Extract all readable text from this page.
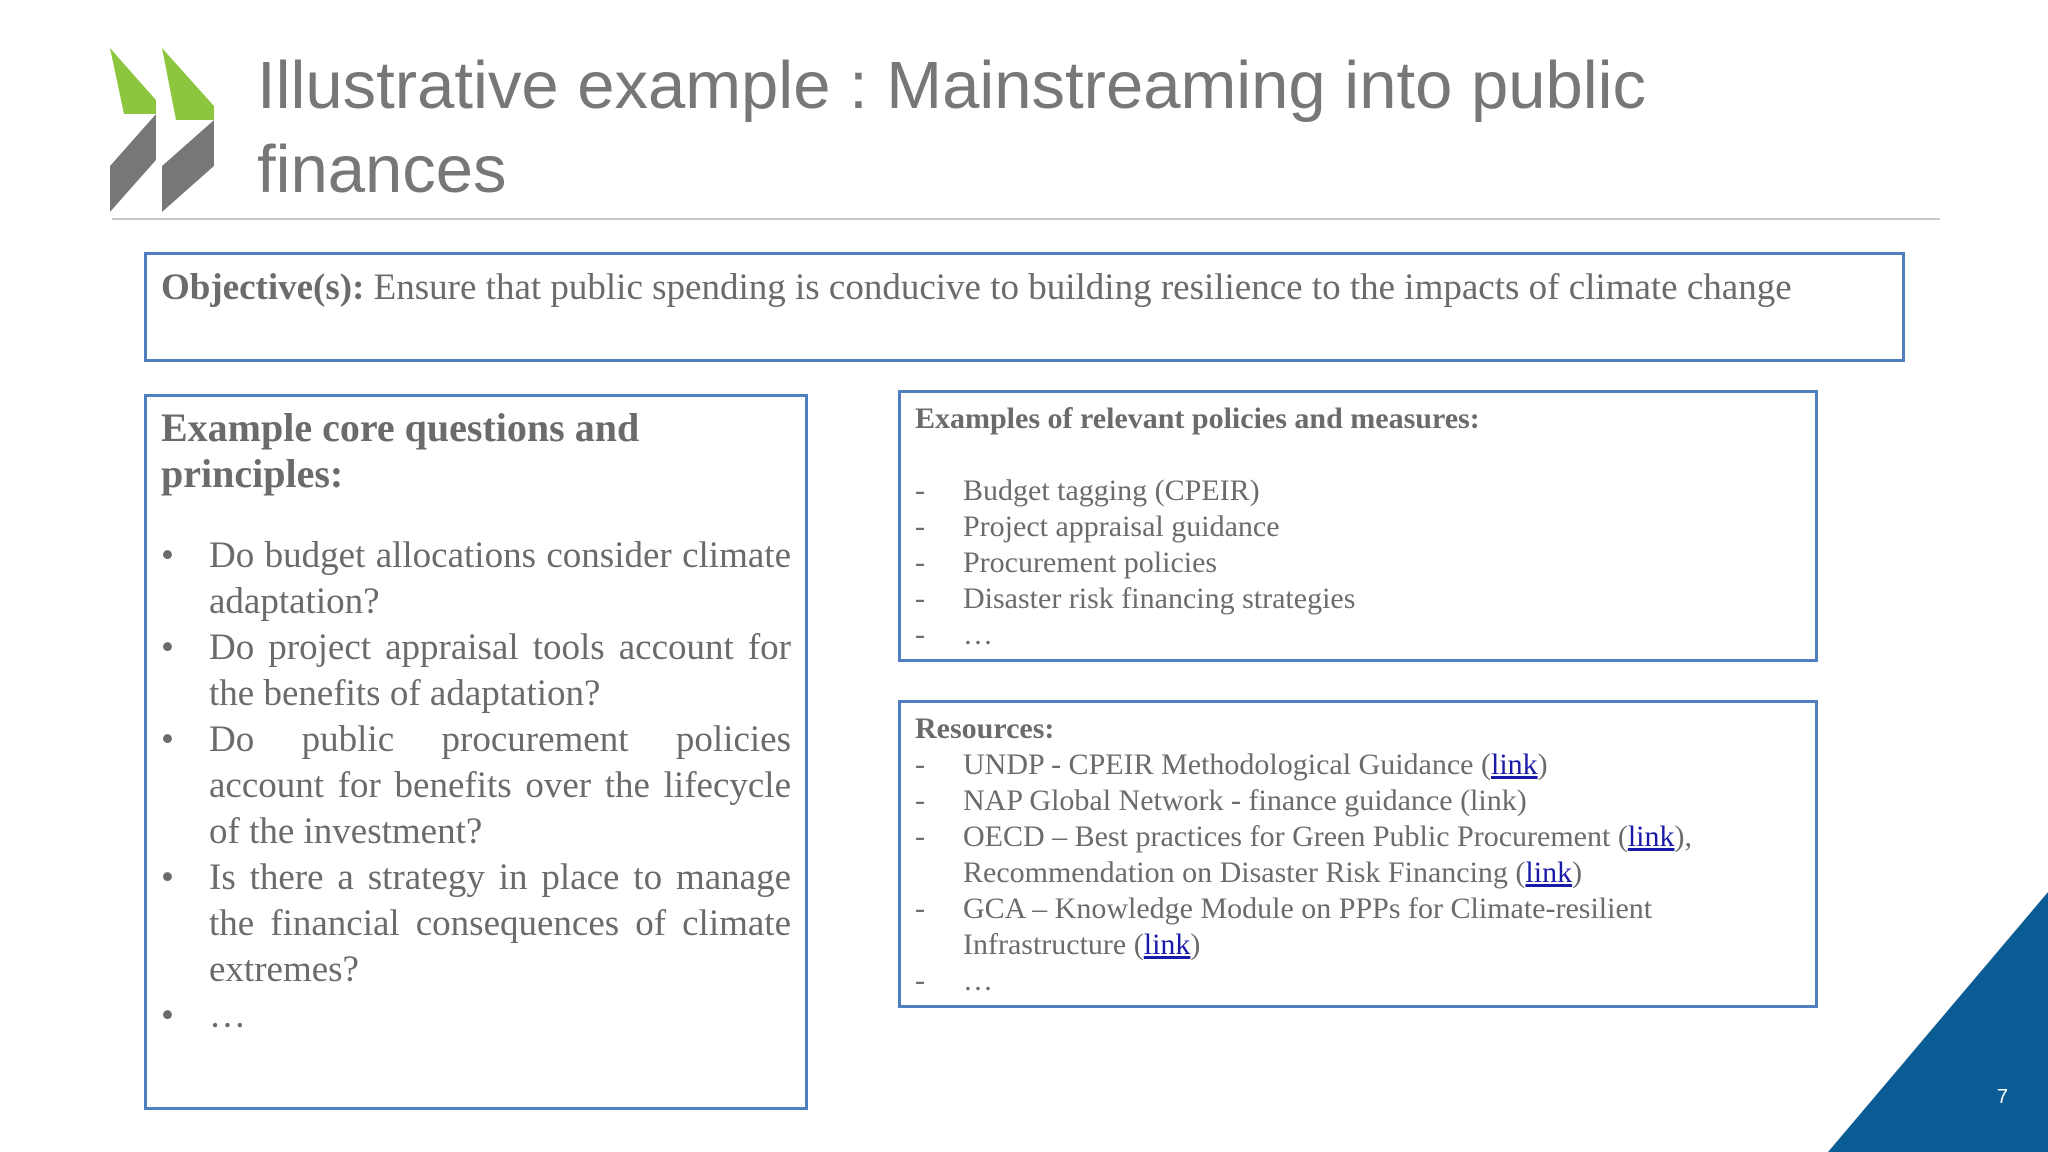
Illustrative example : Mainstreaming into public finances

Objective(s): Ensure that public spending is conducive to building resilience to the impacts of climate change

Example core questions and principles:

• Do budget allocations consider climate adaptation?
• Do project appraisal tools account for the benefits of adaptation?
• Do public procurement policies account for benefits over the lifecycle of the investment?
• Is there a strategy in place to manage the financial consequences of climate extremes?
• …

Examples of relevant policies and measures:

- Budget tagging (CPEIR)
- Project appraisal guidance
- Procurement policies
- Disaster risk financing strategies
- …

Resources:

- UNDP - CPEIR Methodological Guidance (link)
- NAP Global Network - finance guidance (link)
- OECD – Best practices for Green Public Procurement (link), Recommendation on Disaster Risk Financing (link)
- GCA – Knowledge Module on PPPs for Climate-resilient Infrastructure (link)
- …
7
